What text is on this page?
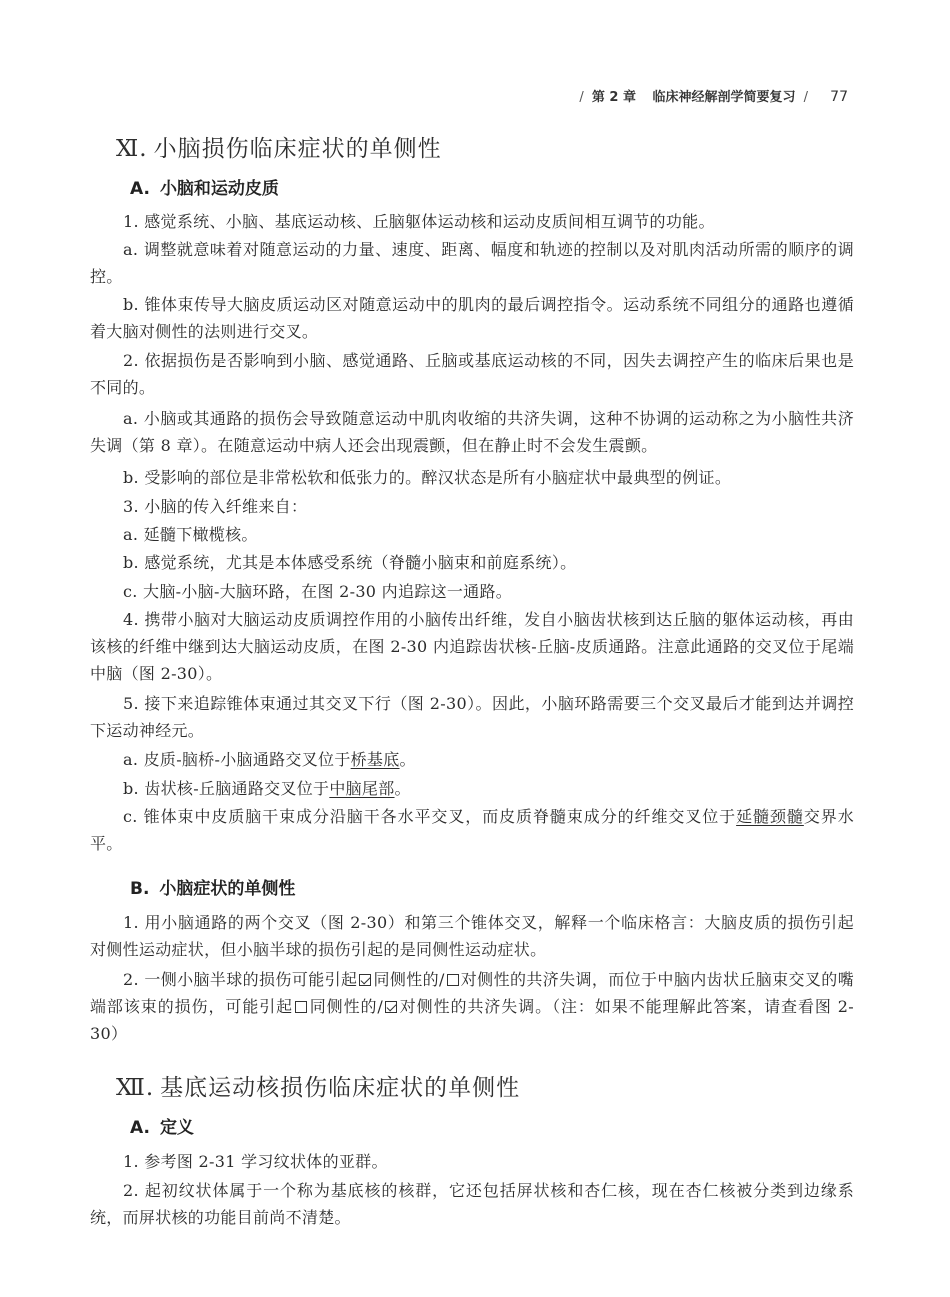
/ 第 2 章 临床神经解剖学简要复习 / 77
Ⅺ. 小脑损伤临床症状的单侧性
A. 小脑和运动皮质
1. 感觉系统、小脑、基底运动核、丘脑躯体运动核和运动皮质间相互调节的功能。
a. 调整就意味着对随意运动的力量、速度、距离、幅度和轨迹的控制以及对肌肉活动所需的顺序的调控。
b. 锥体束传导大脑皮质运动区对随意运动中的肌肉的最后调控指令。运动系统不同组分的通路也遵循着大脑对侧性的法则进行交叉。
2. 依据损伤是否影响到小脑、感觉通路、丘脑或基底运动核的不同，因失去调控产生的临床后果也是不同的。
a. 小脑或其通路的损伤会导致随意运动中肌肉收缩的共济失调，这种不协调的运动称之为小脑性共济失调（第 8 章）。在随意运动中病人还会出现震颤，但在静止时不会发生震颤。
b. 受影响的部位是非常松软和低张力的。醉汉状态是所有小脑症状中最典型的例证。
3. 小脑的传入纤维来自：
a. 延髓下橄榄核。
b. 感觉系统，尤其是本体感受系统（脊髓小脑束和前庭系统）。
c. 大脑-小脑-大脑环路，在图 2-30 内追踪这一通路。
4. 携带小脑对大脑运动皮质调控作用的小脑传出纤维，发自小脑齿状核到达丘脑的躯体运动核，再由该核的纤维中继到达大脑运动皮质，在图 2-30 内追踪齿状核-丘脑-皮质通路。注意此通路的交叉位于尾端中脑（图 2-30）。
5. 接下来追踪锥体束通过其交叉下行（图 2-30）。因此，小脑环路需要三个交叉最后才能到达并调控下运动神经元。
a. 皮质-脑桥-小脑通路交叉位于桥基底。
b. 齿状核-丘脑通路交叉位于中脑尾部。
c. 锥体束中皮质脑干束成分沿脑干各水平交叉，而皮质脊髓束成分的纤维交叉位于延髓颈髓交界水平。
B. 小脑症状的单侧性
1. 用小脑通路的两个交叉（图 2-30）和第三个锥体交叉，解释一个临床格言：大脑皮质的损伤引起对侧性运动症状，但小脑半球的损伤引起的是同侧性运动症状。
2. 一侧小脑半球的损伤可能引起 同侧性的/ 对侧性的共济失调，而位于中脑内齿状丘脑束交叉的嘴端部该束的损伤，可能引起 同侧性的/ 对侧性的共济失调。（注：如果不能理解此答案，请查看图 2-30）
Ⅻ. 基底运动核损伤临床症状的单侧性
A. 定义
1. 参考图 2-31 学习纹状体的亚群。
2. 起初纹状体属于一个称为基底核的核群，它还包括屏状核和杏仁核，现在杏仁核被分类到边缘系统，而屏状核的功能目前尚不清楚。
